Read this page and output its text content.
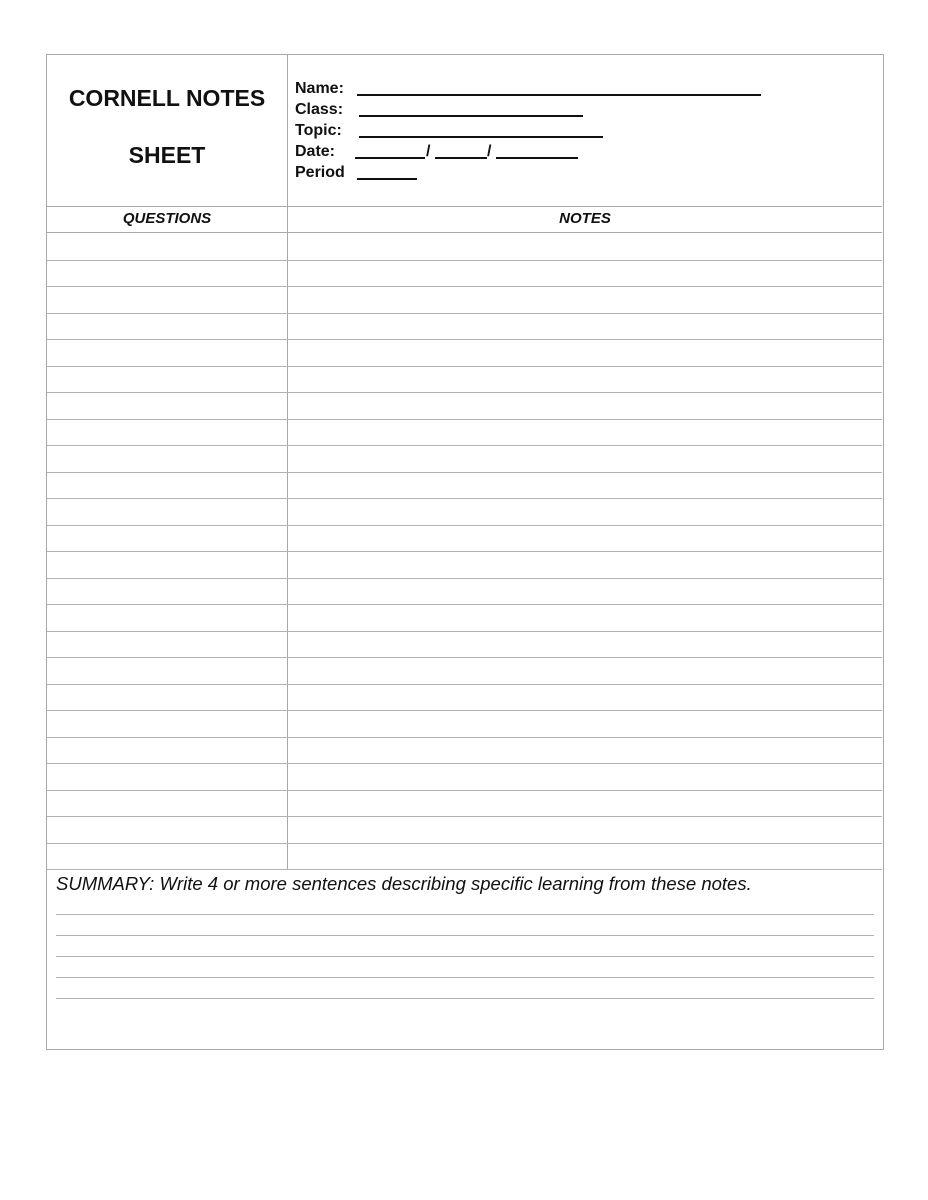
CORNELL NOTES
SHEET
Name:
Class:
Topic:
Date:	/	/
Period
QUESTIONS	NOTES
SUMMARY: Write 4 or more sentences describing specific learning from these notes.
